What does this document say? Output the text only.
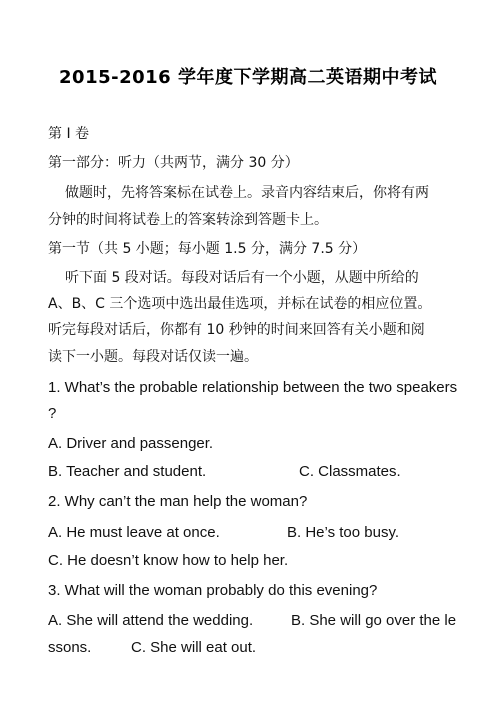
2015-2016 学年度下学期高二英语期中考试
第 I 卷
第一部分：听力（共两节，满分 30 分）
做题时，先将答案标在试卷上。录音内容结束后，你将有两
分钟的时间将试卷上的答案转涂到答题卡上。
第一节（共 5 小题；每小题 1.5 分，满分 7.5 分）
听下面 5 段对话。每段对话后有一个小题，从题中所给的
A、B、C 三个选项中选出最佳选项，并标在试卷的相应位置。
听完每段对话后，你都有 10 秒钟的时间来回答有关小题和阅
读下一小题。每段对话仅读一遍。
1. What’s the probable relationship between the two speakers
?
A. Driver and passenger.
B. Teacher and student.	C. Classmates.
2. Why can’t the man help the woman?
A. He must leave at once.	B. He’s too busy.
C. He doesn’t know how to help her.
3. What will the woman probably do this evening?
A. She will attend the wedding.	B. She will go over the le
ssons.	C. She will eat out.
